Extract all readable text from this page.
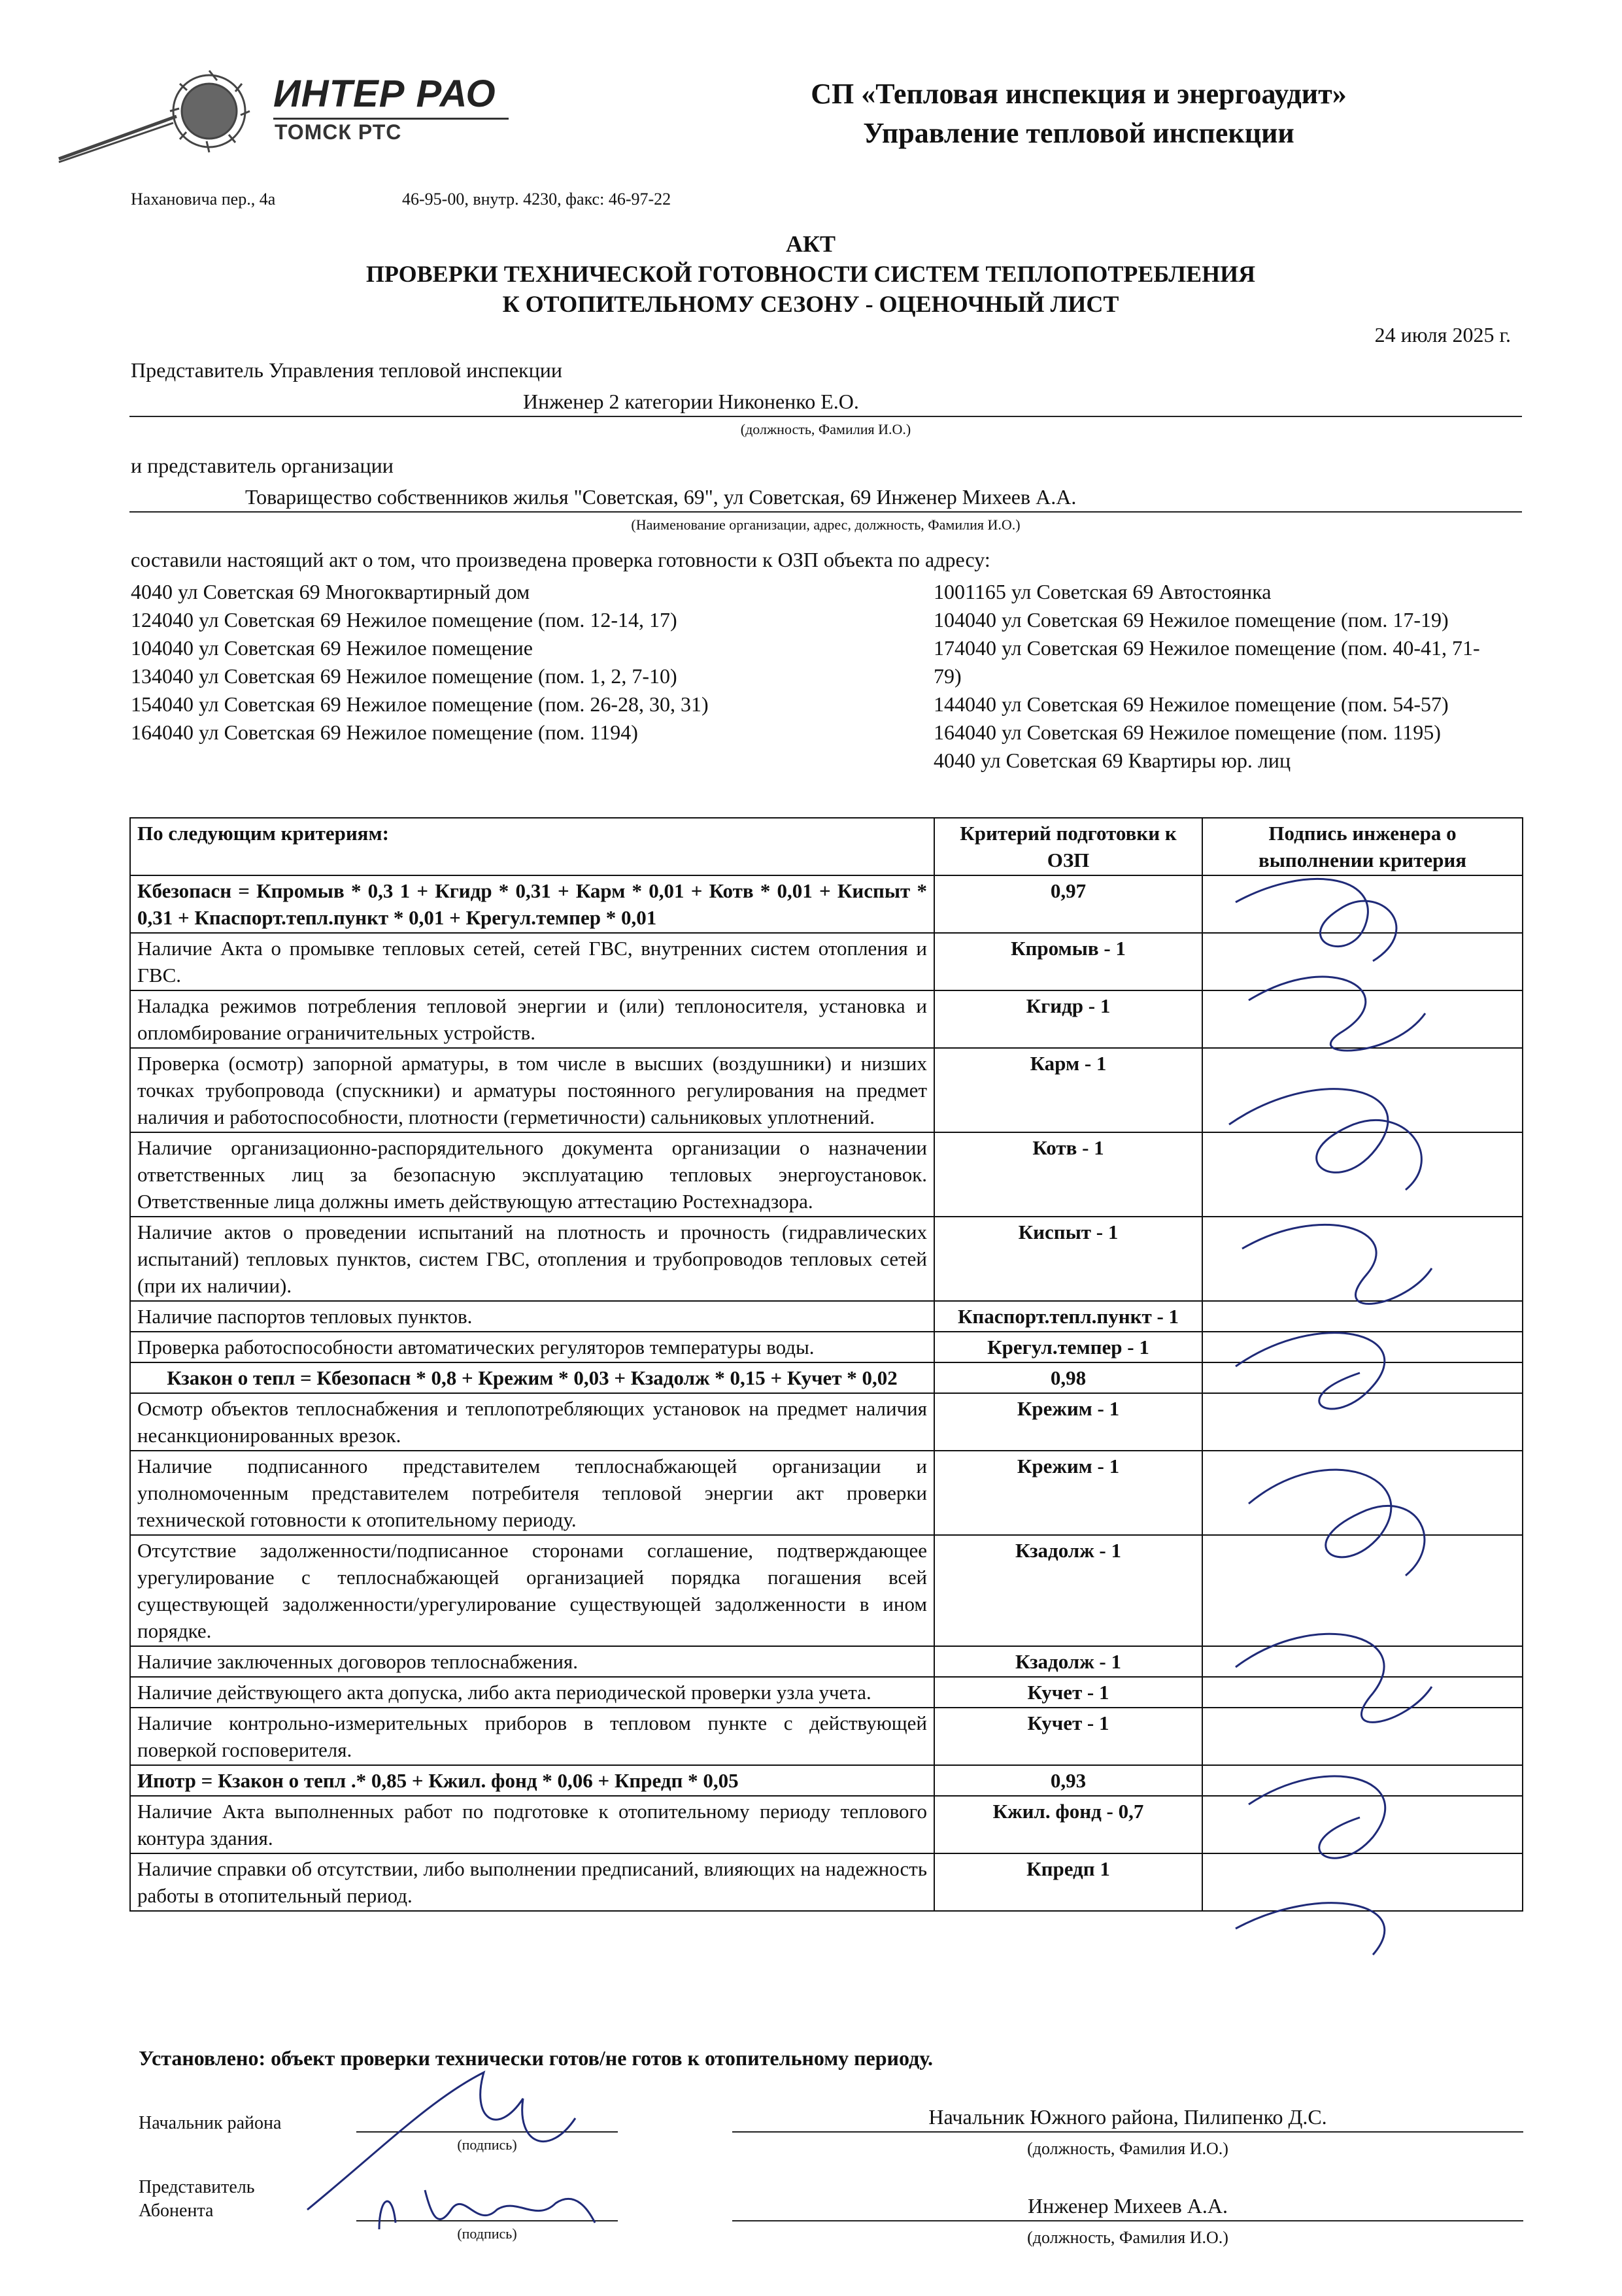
ИНТЕР РАО
ТОМСК РТС
СП «Тепловая инспекция и энергоаудит»
Управление тепловой инспекции
Нахановича пер., 4а	46-95-00, внутр. 4230, факс: 46-97-22
АКТ
ПРОВЕРКИ ТЕХНИЧЕСКОЙ ГОТОВНОСТИ СИСТЕМ ТЕПЛОПОТРЕБЛЕНИЯ
К ОТОПИТЕЛЬНОМУ СЕЗОНУ - ОЦЕНОЧНЫЙ ЛИСТ
24 июля 2025 г.
Представитель Управления тепловой инспекции
Инженер 2 категории Никоненко Е.О.
(должность, Фамилия И.О.)
и представитель организации
Товарищество собственников жилья "Советская, 69", ул Советская, 69 Инженер Михеев А.А.
(Наименование организации, адрес, должность, Фамилия И.О.)
составили настоящий акт о том, что произведена проверка готовности к ОЗП объекта по адресу:
4040 ул Советская 69 Многоквартирный дом
124040 ул Советская 69 Нежилое помещение (пом. 12-14, 17)
104040 ул Советская 69 Нежилое помещение
134040 ул Советская 69 Нежилое помещение (пом. 1, 2, 7-10)
154040 ул Советская 69 Нежилое помещение (пом. 26-28, 30, 31)
164040 ул Советская 69 Нежилое помещение (пом. 1194)
1001165 ул Советская 69 Автостоянка
104040 ул Советская 69 Нежилое помещение (пом. 17-19)
174040 ул Советская 69 Нежилое помещение (пом. 40-41, 71-
79)
144040 ул Советская 69 Нежилое помещение (пом. 54-57)
164040 ул Советская 69 Нежилое помещение (пом. 1195)
4040 ул Советская 69 Квартиры юр. лиц
По следующим критериям:	Критерий подготовки к ОЗП	Подпись инженера о выполнении критерия
Кбезопасн = Кпромыв * 0,3 1 + Кгидр * 0,31 + Карм * 0,01 + Котв * 0,01 + Киспыт * 0,31 + Кпаспорт.тепл.пункт * 0,01 + Крегул.темпер * 0,01	0,97	
Наличие Акта о промывке тепловых сетей, сетей ГВС, внутренних систем отопления и ГВС.	Кпромыв - 1	
Наладка режимов потребления тепловой энергии и (или) теплоносителя, установка и опломбирование ограничительных устройств.	Кгидр - 1	
Проверка (осмотр) запорной арматуры, в том числе в высших (воздушники) и низших точках трубопровода (спускники) и арматуры постоянного регулирования на предмет наличия и работоспособности, плотности (герметичности) сальниковых уплотнений.	Карм - 1	
Наличие организационно-распорядительного документа организации о назначении ответственных лиц за безопасную эксплуатацию тепловых энергоустановок. Ответственные лица должны иметь действующую аттестацию Ростехнадзора.	Котв - 1	
Наличие актов о проведении испытаний на плотность и прочность (гидравлических испытаний) тепловых пунктов, систем ГВС, отопления и трубопроводов тепловых сетей (при их наличии).	Киспыт - 1	
Наличие паспортов тепловых пунктов.	Кпаспорт.тепл.пункт - 1	
Проверка работоспособности автоматических регуляторов температуры воды.	Крегул.темпер - 1	
Кзакон о тепл = Кбезопасн * 0,8 + Крежим * 0,03 + Кзадолж * 0,15 + Кучет * 0,02	0,98	
Осмотр объектов теплоснабжения и теплопотребляющих установок на предмет наличия несанкционированных врезок.	Крежим - 1	
Наличие подписанного представителем теплоснабжающей организации и уполномоченным представителем потребителя тепловой энергии акт проверки технической готовности к отопительному периоду.	Крежим - 1	
Отсутствие задолженности/подписанное сторонами соглашение, подтверждающее урегулирование с теплоснабжающей организацией порядка погашения всей существующей задолженности/урегулирование существующей задолженности в ином порядке.	Кзадолж - 1	
Наличие заключенных договоров теплоснабжения.	Кзадолж - 1	
Наличие действующего акта допуска, либо акта периодической проверки узла учета.	Кучет - 1	
Наличие контрольно-измерительных приборов в тепловом пункте с действующей поверкой госповерителя.	Кучет - 1	
Ипотр = Кзакон о тепл .* 0,85 + Кжил. фонд * 0,06 + Кпредп * 0,05	0,93	
Наличие Акта выполненных работ по подготовке к отопительному периоду теплового контура здания.	Кжил. фонд - 0,7	
Наличие справки об отсутствии, либо выполнении предписаний, влияющих на надежность работы в отопительный период.	Кпредп 1	
Установлено: объект проверки технически готов/не готов к отопительному периоду.
Начальник района
(подпись)
Начальник Южного района, Пилипенко Д.С.
(должность, Фамилия И.О.)
Представитель
Абонента
(подпись)
Инженер Михеев А.А.
(должность, Фамилия И.О.)
